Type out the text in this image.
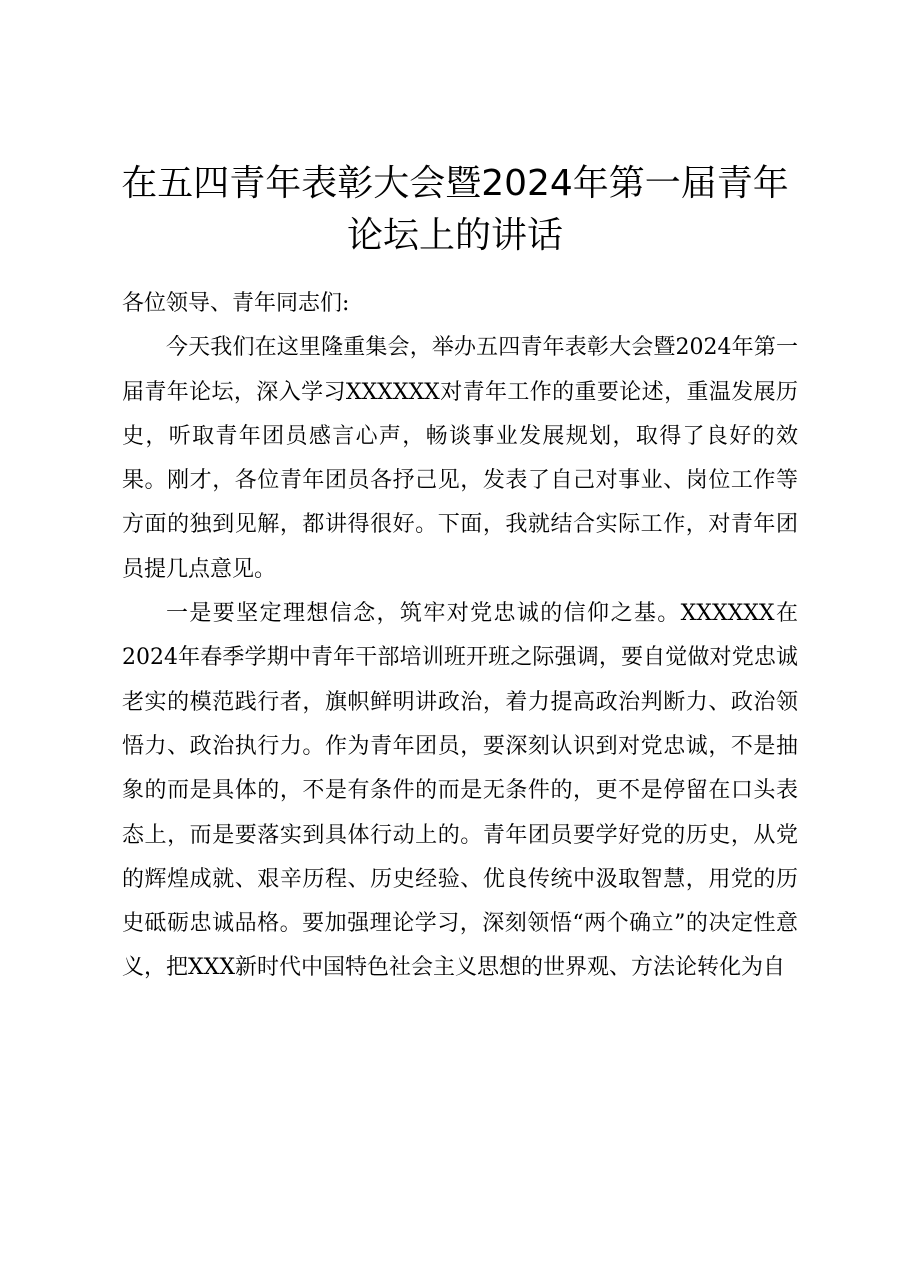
在五四青年表彰大会暨2024年第一届青年论坛上的讲话

各位领导、青年同志们:

今天我们在这里隆重集会，举办五四青年表彰大会暨2024年第一届青年论坛，深入学习XXXXXX对青年工作的重要论述，重温发展历史，听取青年团员感言心声，畅谈事业发展规划，取得了良好的效果。刚才，各位青年团员各抒己见，发表了自己对事业、岗位工作等方面的独到见解，都讲得很好。下面，我就结合实际工作，对青年团员提几点意见。

一是要坚定理想信念，筑牢对党忠诚的信仰之基。XXXXXX在2024年春季学期中青年干部培训班开班之际强调，要自觉做对党忠诚老实的模范践行者，旗帜鲜明讲政治，着力提高政治判断力、政治领悟力、政治执行力。作为青年团员，要深刻认识到对党忠诚，不是抽象的而是具体的，不是有条件的而是无条件的，更不是停留在口头表态上，而是要落实到具体行动上的。青年团员要学好党的历史，从党的辉煌成就、艰辛历程、历史经验、优良传统中汲取智慧，用党的历史砥砺忠诚品格。要加强理论学习，深刻领悟“两个确立”的决定性意义，把XXX新时代中国特色社会主义思想的世界观、方法论转化为自
